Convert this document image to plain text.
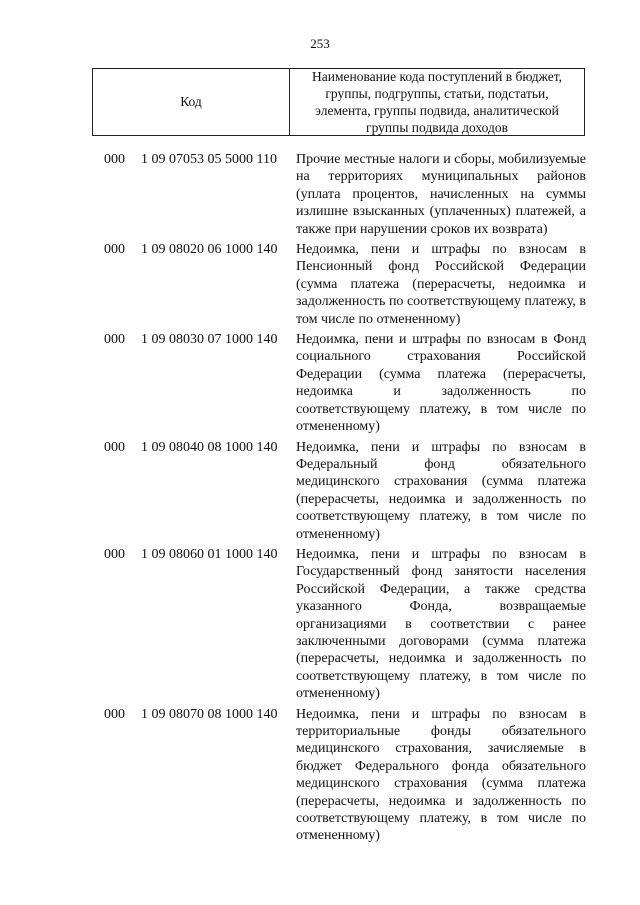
253
Код
Наименование кода поступлений в бюджет, группы, подгруппы, статьи, подстатьи, элемента, группы подвида, аналитической группы подвида доходов
000 1 09 07053 05 5000 110 Прочие местные налоги и сборы, мобилизуемые на территориях муниципальных районов (уплата процентов, начисленных на суммы излишне взысканных (уплаченных) платежей, а также при нарушении сроков их возврата)
000 1 09 08020 06 1000 140 Недоимка, пени и штрафы по взносам в Пенсионный фонд Российской Федерации (сумма платежа (перерасчеты, недоимка и задолженность по соответствующему платежу, в том числе по отмененному)
000 1 09 08030 07 1000 140 Недоимка, пени и штрафы по взносам в Фонд социального страхования Российской Федерации (сумма платежа (перерасчеты, недоимка и задолженность по соответствующему платежу, в том числе по отмененному)
000 1 09 08040 08 1000 140 Недоимка, пени и штрафы по взносам в Федеральный фонд обязательного медицинского страхования (сумма платежа (перерасчеты, недоимка и задолженность по соответствующему платежу, в том числе по отмененному)
000 1 09 08060 01 1000 140 Недоимка, пени и штрафы по взносам в Государственный фонд занятости населения Российской Федерации, а также средства указанного Фонда, возвращаемые организациями в соответствии с ранее заключенными договорами (сумма платежа (перерасчеты, недоимка и задолженность по соответствующему платежу, в том числе по отмененному)
000 1 09 08070 08 1000 140 Недоимка, пени и штрафы по взносам в территориальные фонды обязательного медицинского страхования, зачисляемые в бюджет Федерального фонда обязательного медицинского страхования (сумма платежа (перерасчеты, недоимка и задолженность по соответствующему платежу, в том числе по отмененному)
